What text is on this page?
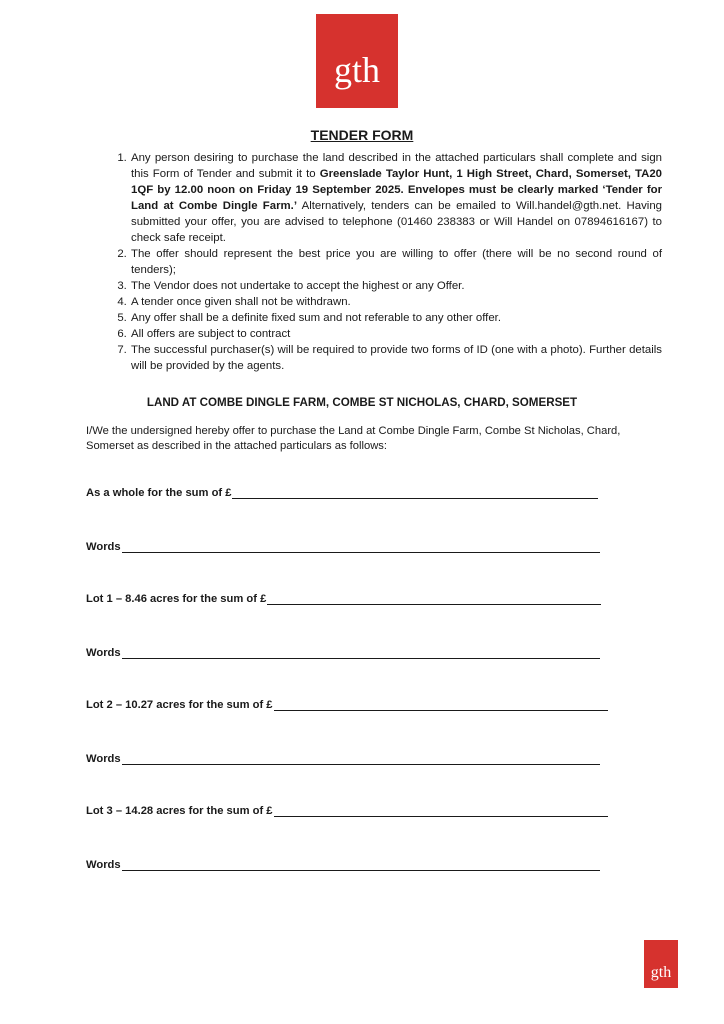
gth
TENDER FORM
1. Any person desiring to purchase the land described in the attached particulars shall complete and sign this Form of Tender and submit it to Greenslade Taylor Hunt, 1 High Street, Chard, Somerset, TA20 1QF by 12.00 noon on Friday 19 September 2025. Envelopes must be clearly marked ‘Tender for Land at Combe Dingle Farm.’ Alternatively, tenders can be emailed to Will.handel@gth.net. Having submitted your offer, you are advised to telephone (01460 238383 or Will Handel on 07894616167) to check safe receipt.
2. The offer should represent the best price you are willing to offer (there will be no second round of tenders);
3. The Vendor does not undertake to accept the highest or any Offer.
4. A tender once given shall not be withdrawn.
5. Any offer shall be a definite fixed sum and not referable to any other offer.
6. All offers are subject to contract
7. The successful purchaser(s) will be required to provide two forms of ID (one with a photo). Further details will be provided by the agents.
LAND AT COMBE DINGLE FARM, COMBE ST NICHOLAS, CHARD, SOMERSET
I/We the undersigned hereby offer to purchase the Land at Combe Dingle Farm, Combe St Nicholas, Chard, Somerset as described in the attached particulars as follows:
As a whole for the sum of £
Words
Lot 1 – 8.46 acres for the sum of £
Words
Lot 2 – 10.27 acres for the sum of £
Words
Lot 3 – 14.28 acres for the sum of £
Words
gth
